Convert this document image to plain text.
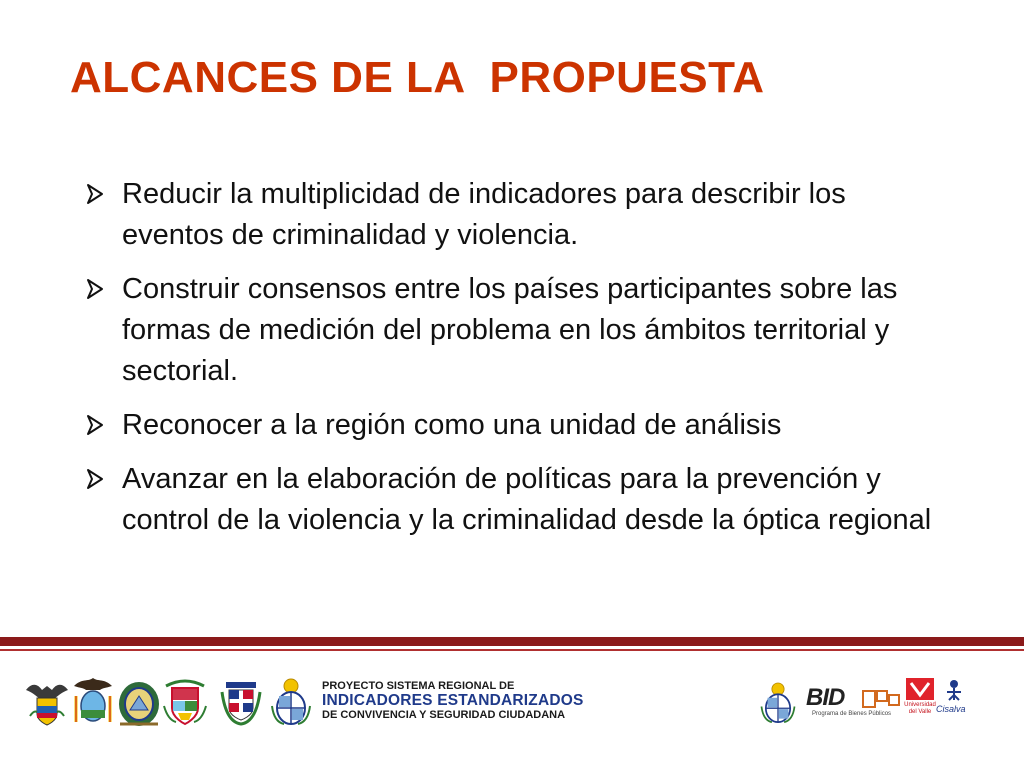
ALCANCES DE LA  PROPUESTA
Reducir la multiplicidad de indicadores para describir los eventos de criminalidad y violencia.
Construir consensos entre los países participantes sobre las formas de medición del problema en los ámbitos territorial y sectorial.
Reconocer a la región como una unidad de análisis
Avanzar en la elaboración de políticas para la prevención y control de la violencia y la criminalidad desde la óptica regional
PROYECTO SISTEMA REGIONAL DE
INDICADORES ESTANDARIZADOS
DE CONVIVENCIA Y SEGURIDAD CIUDADANA
BID
Programa de Bienes Públicos
Universidad del Valle Cisalva
